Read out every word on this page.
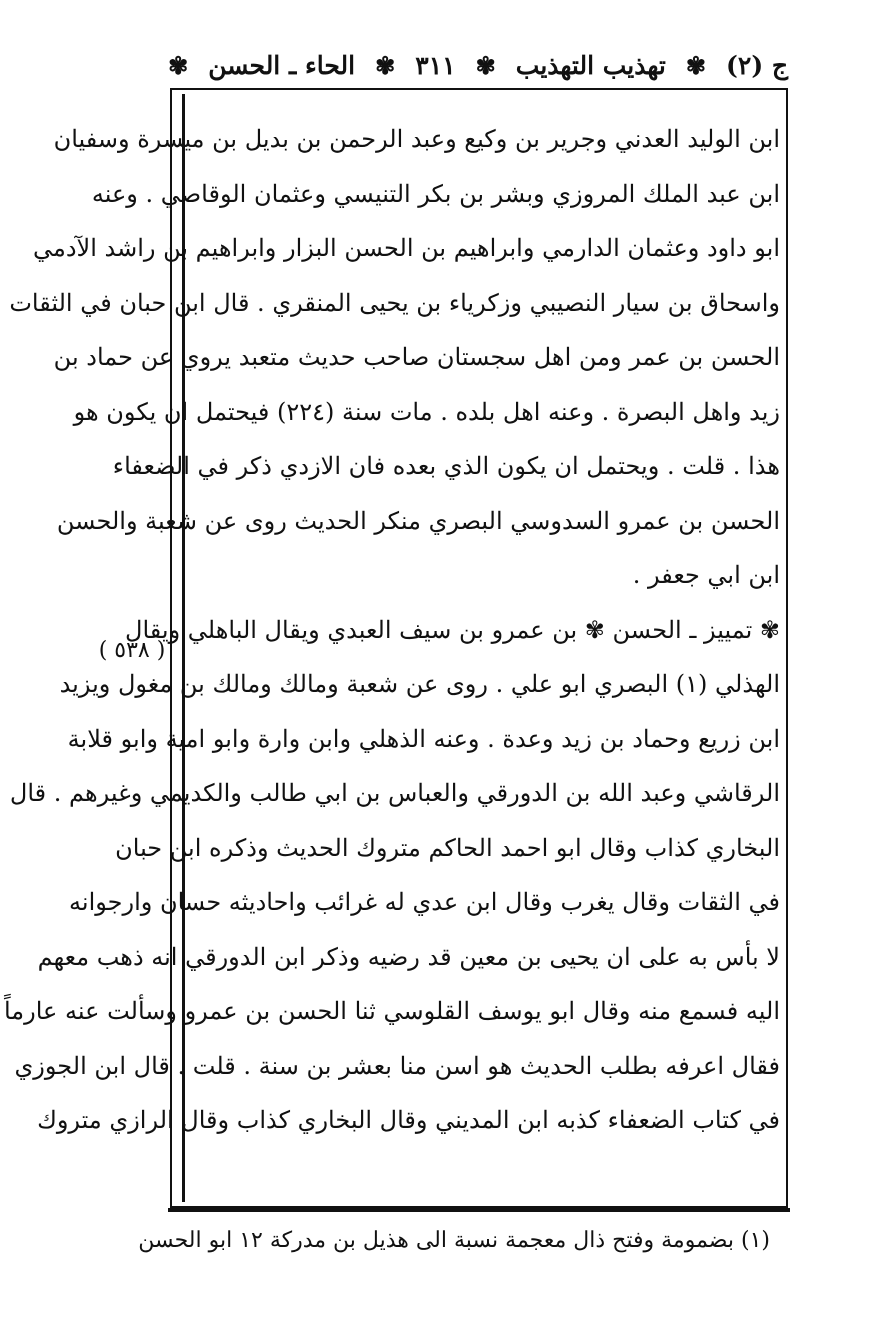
ج (٢)
✾
تهذيب التهذيب
✾
٣١١
✾
الحاء ـ الحسن
✾
( ٥٣٨ )
ابن الوليد العدني وجرير بن وكيع وعبد الرحمن بن بديل بن ميسرة وسفيان
ابن عبد الملك المروزي وبشر بن بكر التنيسي وعثمان الوقاصي . وعنه
ابو داود وعثمان الدارمي وابراهيم بن الحسن البزار وابراهيم بن راشد الآدمي
واسحاق بن سيار النصيبي وزكرياء بن يحيى المنقري . قال ابن حبان في الثقات
الحسن بن عمر ومن اهل سجستان صاحب حديث متعبد يروي عن حماد بن
زيد واهل البصرة . وعنه اهل بلده . مات سنة (٢٢٤) فيحتمل ان يكون هو
هذا . قلت . ويحتمل ان يكون الذي بعده فان الازدي ذكر في الضعفاء
الحسن بن عمرو السدوسي البصري منكر الحديث روى عن شعبة والحسن
ابن ابي جعفر .
✾ تمييز ـ الحسن ✾ بن عمرو بن سيف العبدي ويقال الباهلي ويقال
الهذلي (١) البصري ابو علي . روى عن شعبة ومالك ومالك بن مغول ويزيد
ابن زريع وحماد بن زيد وعدة . وعنه الذهلي وابن وارة وابو امية وابو قلابة
الرقاشي وعبد الله بن الدورقي والعباس بن ابي طالب والكديمي وغيرهم . قال
البخاري كذاب وقال ابو احمد الحاكم متروك الحديث وذكره ابن حبان
في الثقات وقال يغرب وقال ابن عدي له غرائب واحاديثه حسان وارجوانه
لا بأس به على ان يحيى بن معين قد رضيه وذكر ابن الدورقي انه ذهب معهم
اليه فسمع منه وقال ابو يوسف القلوسي ثنا الحسن بن عمرو وسألت عنه عارماً
فقال اعرفه بطلب الحديث هو اسن منا بعشر بن سنة . قلت . قال ابن الجوزي
في كتاب الضعفاء كذبه ابن المديني وقال البخاري كذاب وقال الرازي متروك
(١) بضمومة وفتح ذال معجمة نسبة الى هذيل بن مدركة ١٢ ابو الحسن
